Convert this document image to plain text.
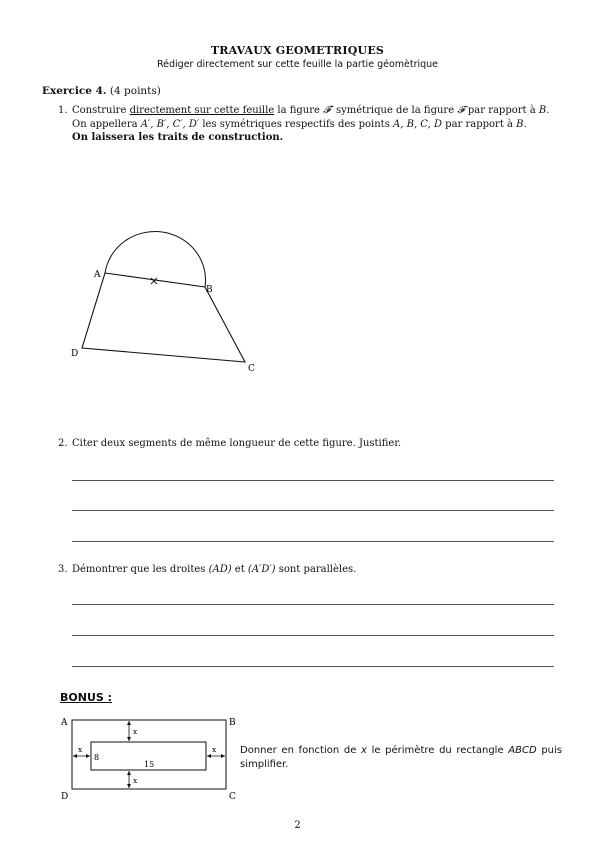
TRAVAUX GEOMETRIQUES
Rédiger directement sur cette feuille la partie géomètrique
Exercice 4. (4 points)
1. Construire directement sur cette feuille la figure 𝓕′ symétrique de la figure 𝓕 par rapport à B.
On appellera A′, B′, C′, D′ les symétriques respectifs des points A, B, C, D par rapport à B.
On laissera les traits de construction.
A
B
C
D
2. Citer deux segments de même longueur de cette figure. Justifier.
3. Démontrer que les droites (AD) et (A′D′) sont parallèles.
BONUS :
x
x
x	x
8
15
A	B
C
D
Donner en fonction de x le périmètre du rectangle ABCD puis simplifier.
2
